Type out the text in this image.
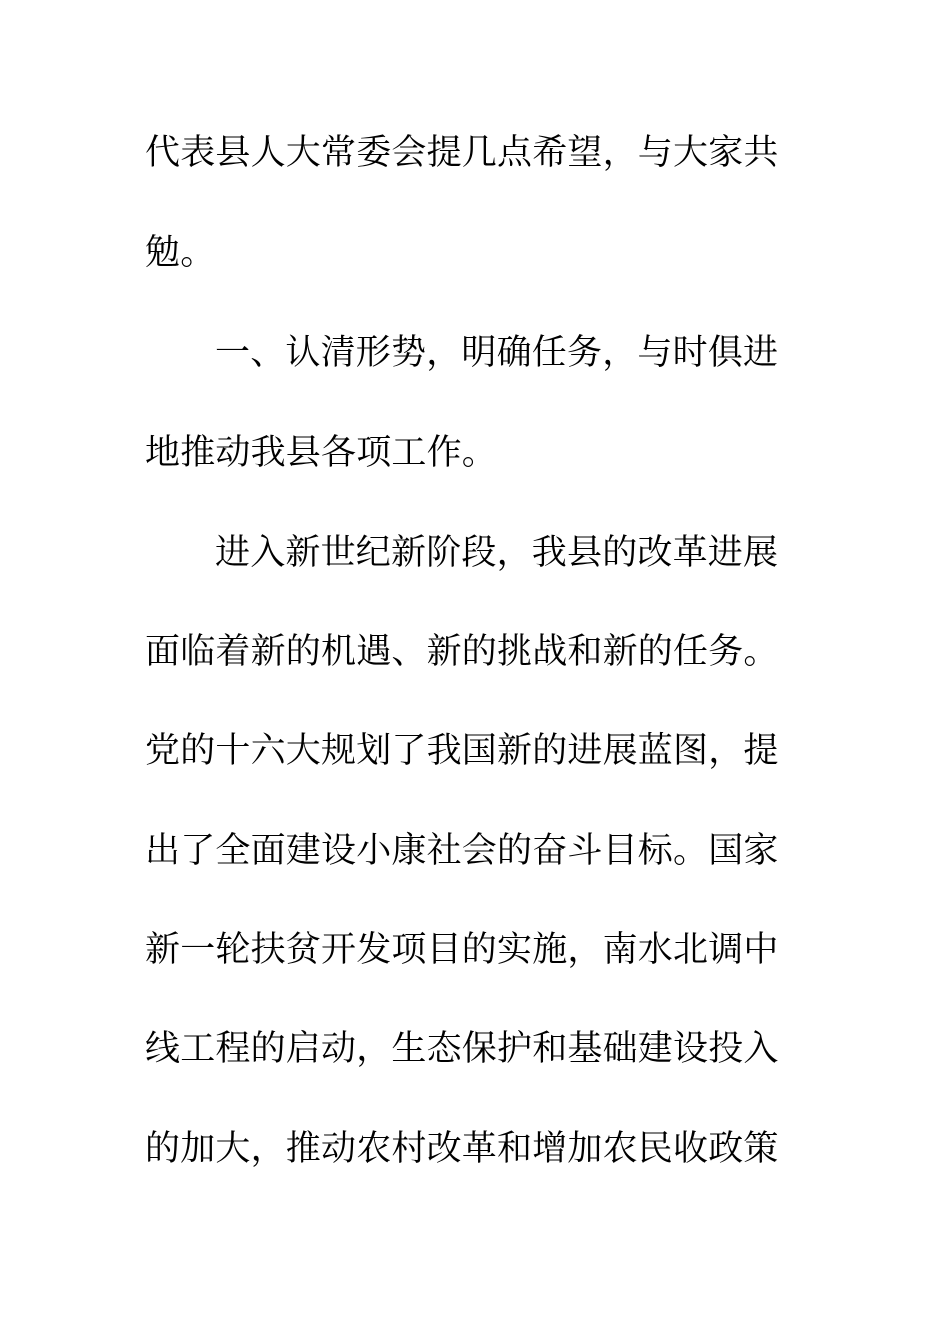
代表县人大常委会提几点希望，与大家共
勉。
一、认清形势，明确任务，与时俱进
地推动我县各项工作。
进入新世纪新阶段，我县的改革进展
面临着新的机遇、新的挑战和新的任务。
党的十六大规划了我国新的进展蓝图，提
出了全面建设小康社会的奋斗目标。国家
新一轮扶贫开发项目的实施，南水北调中
线工程的启动，生态保护和基础建设投入
的加大，推动农村改革和增加农民收政策
